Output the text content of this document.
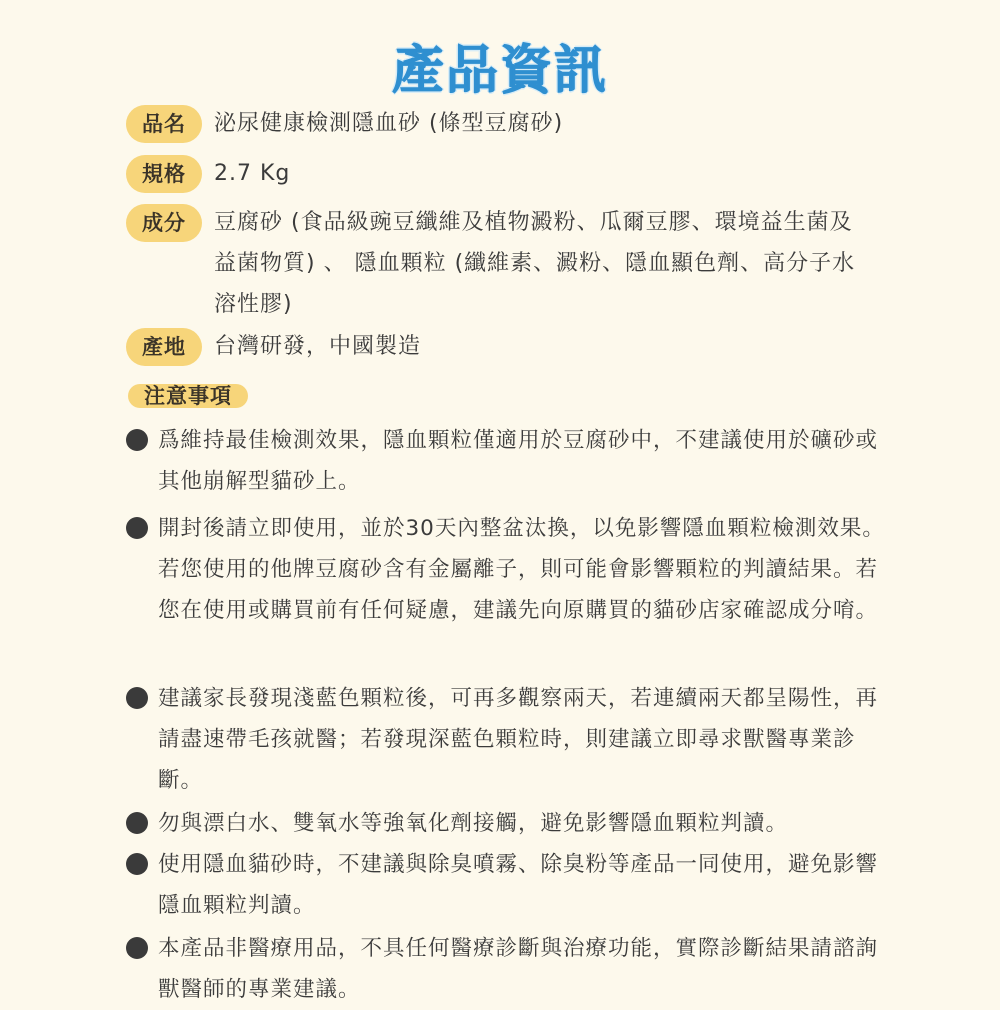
產品資訊
品名	泌尿健康檢測隱血砂 (條型豆腐砂)
規格	2.7 Kg
成分	豆腐砂 (食品級豌豆纖維及植物澱粉、瓜爾豆膠、環境益生菌及益菌物質) 、 隱血顆粒 (纖維素、澱粉、隱血顯色劑、高分子水溶性膠)
產地	台灣研發，中國製造
注意事項
爲維持最佳檢測效果，隱血顆粒僅適用於豆腐砂中，不建議使用於礦砂或其他崩解型貓砂上。
開封後請立即使用，並於30天內整盆汰換，以免影響隱血顆粒檢測效果。若您使用的他牌豆腐砂含有金屬離子，則可能會影響顆粒的判讀結果。若您在使用或購買前有任何疑慮，建議先向原購買的貓砂店家確認成分唷。
建議家長發現淺藍色顆粒後，可再多觀察兩天，若連續兩天都呈陽性，再請盡速帶毛孩就醫；若發現深藍色顆粒時，則建議立即尋求獸醫專業診斷。
勿與漂白水、雙氧水等強氧化劑接觸，避免影響隱血顆粒判讀。
使用隱血貓砂時，不建議與除臭噴霧、除臭粉等產品一同使用，避免影響隱血顆粒判讀。
本產品非醫療用品，不具任何醫療診斷與治療功能，實際診斷結果請諮詢獸醫師的專業建議。
